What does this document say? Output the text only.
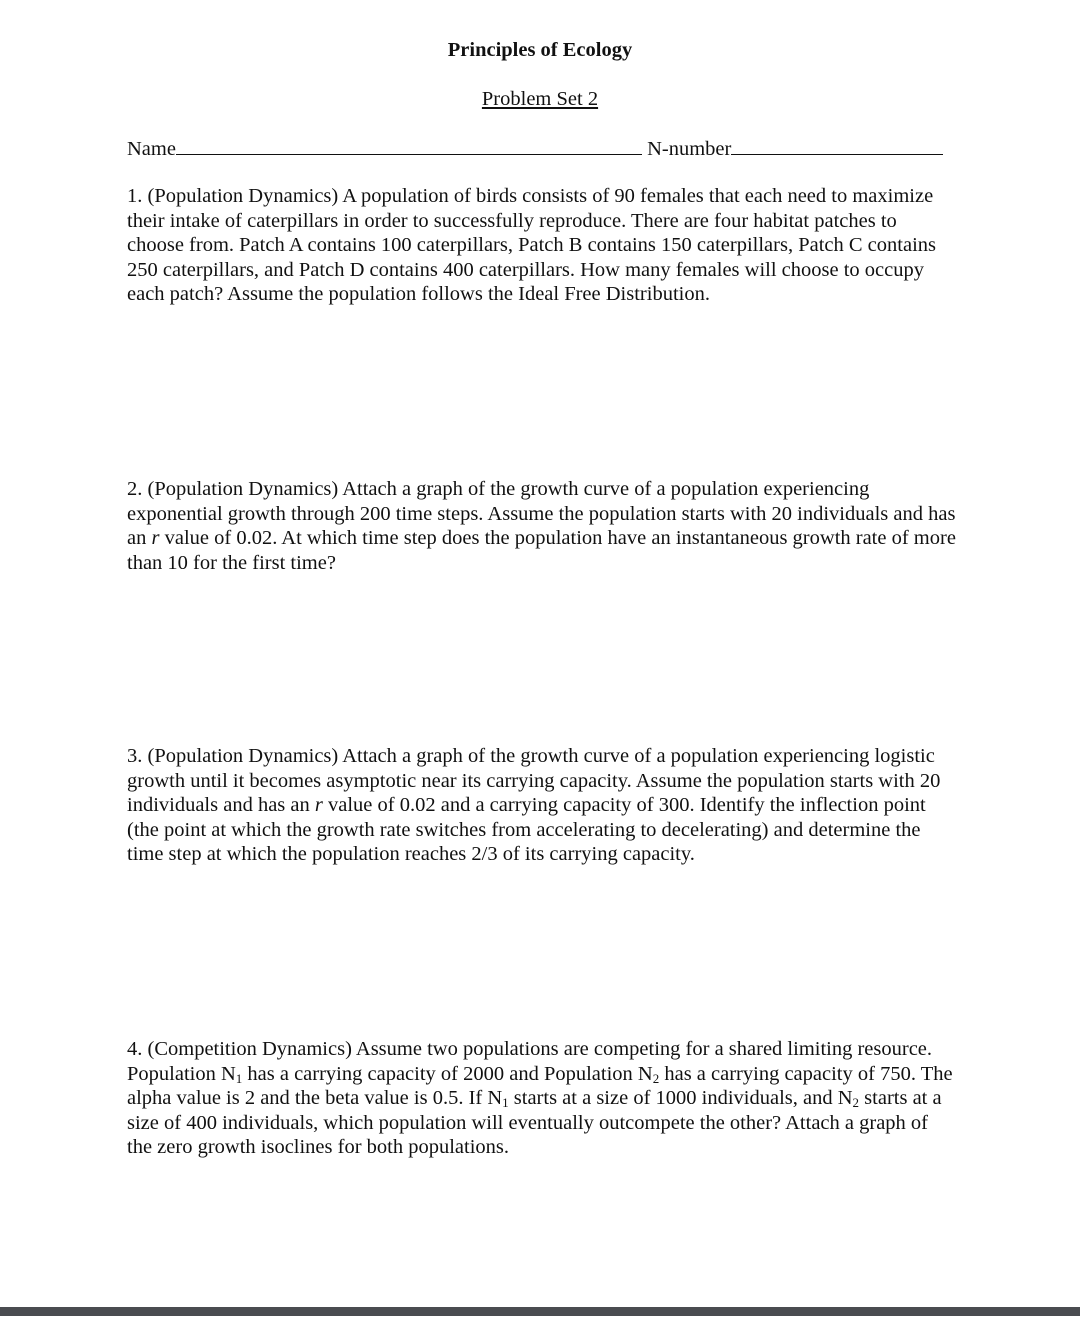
Principles of Ecology
Problem Set 2
Name	N-number

1. (Population Dynamics) A population of birds consists of 90 females that each need to maximize their intake of caterpillars in order to successfully reproduce. There are four habitat patches to choose from. Patch A contains 100 caterpillars, Patch B contains 150 caterpillars, Patch C contains 250 caterpillars, and Patch D contains 400 caterpillars. How many females will choose to occupy each patch? Assume the population follows the Ideal Free Distribution.

2. (Population Dynamics) Attach a graph of the growth curve of a population experiencing exponential growth through 200 time steps. Assume the population starts with 20 individuals and has an r value of 0.02. At which time step does the population have an instantaneous growth rate of more than 10 for the first time?

3. (Population Dynamics) Attach a graph of the growth curve of a population experiencing logistic growth until it becomes asymptotic near its carrying capacity. Assume the population starts with 20 individuals and has an r value of 0.02 and a carrying capacity of 300. Identify the inflection point (the point at which the growth rate switches from accelerating to decelerating) and determine the time step at which the population reaches 2/3 of its carrying capacity.

4. (Competition Dynamics) Assume two populations are competing for a shared limiting resource. Population $N_1$ has a carrying capacity of 2000 and Population $N_2$ has a carrying capacity of 750. The alpha value is 2 and the beta value is 0.5. If $N_1$ starts at a size of 1000 individuals, and $N_2$ starts at a size of 400 individuals, which population will eventually outcompete the other? Attach a graph of the zero growth isoclines for both populations.
